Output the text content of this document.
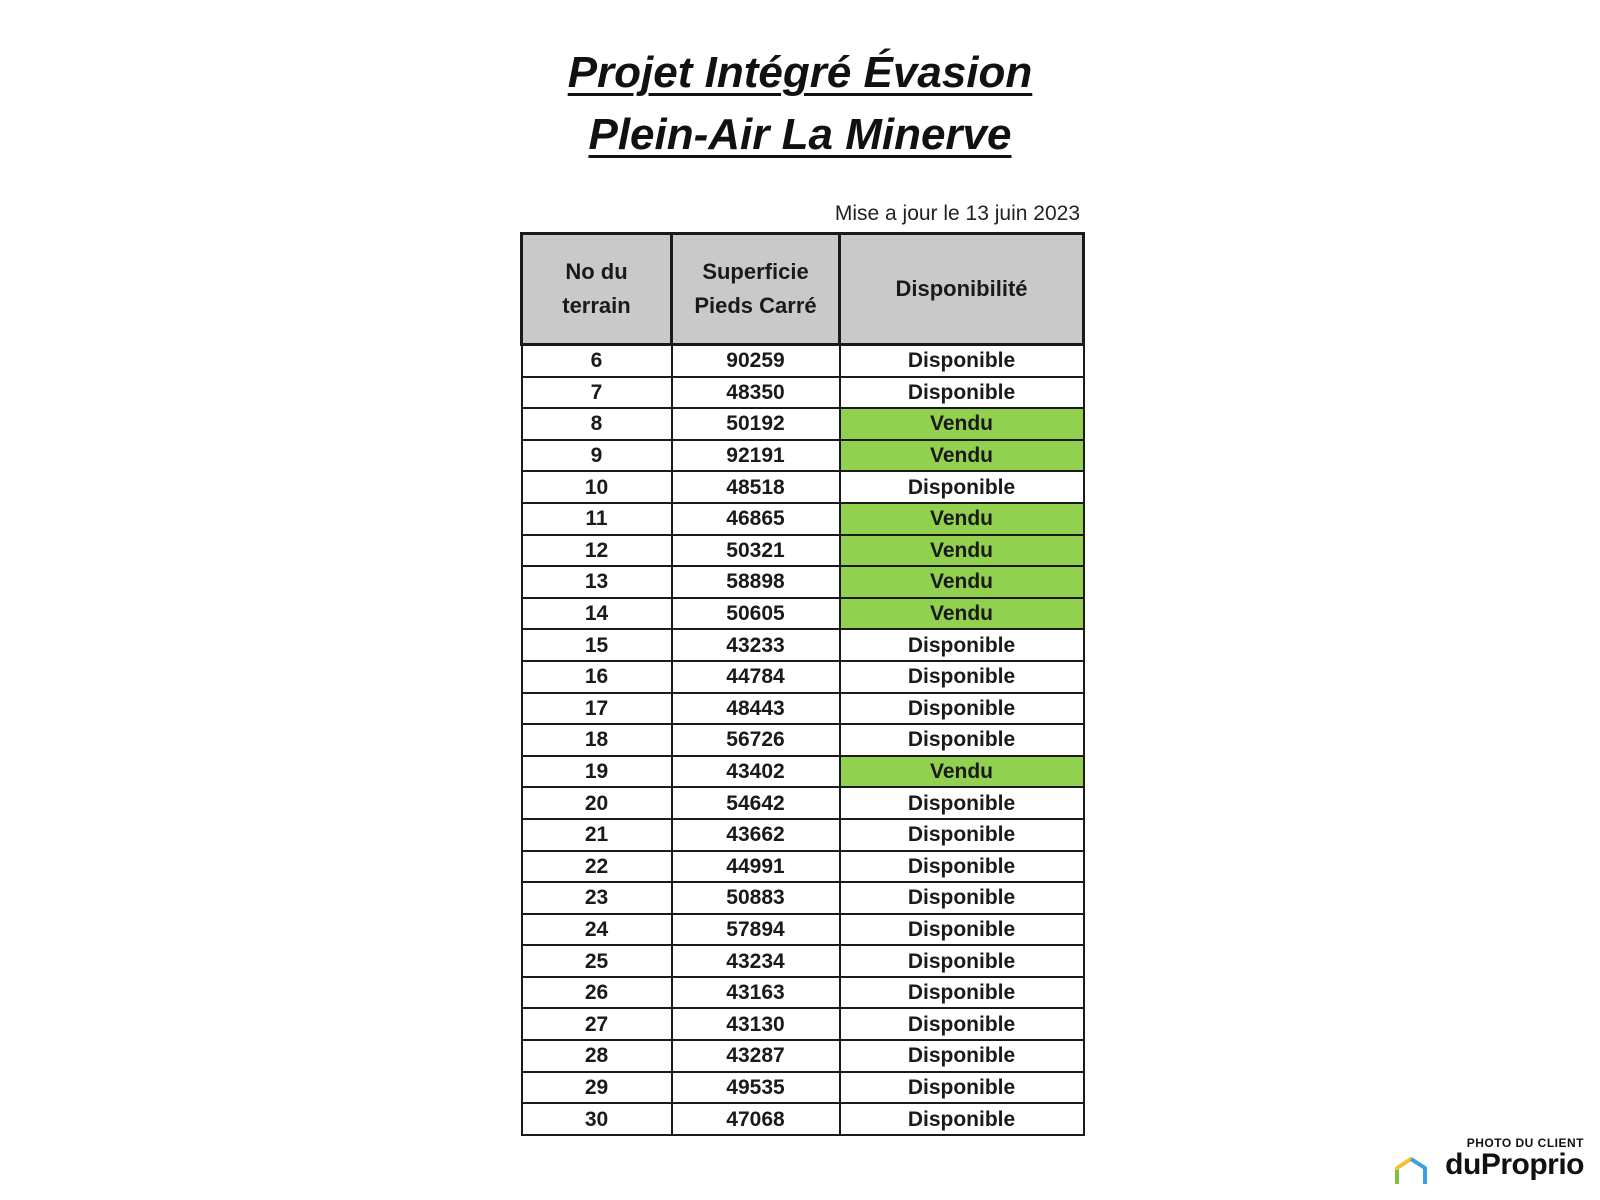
Projet Intégré Évasion
Plein-Air La Minerve
Mise a jour le 13 juin 2023
No du terrain	Superficie Pieds Carré	Disponibilité
6	90259	Disponible
7	48350	Disponible
8	50192	Vendu
9	92191	Vendu
10	48518	Disponible
11	46865	Vendu
12	50321	Vendu
13	58898	Vendu
14	50605	Vendu
15	43233	Disponible
16	44784	Disponible
17	48443	Disponible
18	56726	Disponible
19	43402	Vendu
20	54642	Disponible
21	43662	Disponible
22	44991	Disponible
23	50883	Disponible
24	57894	Disponible
25	43234	Disponible
26	43163	Disponible
27	43130	Disponible
28	43287	Disponible
29	49535	Disponible
30	47068	Disponible
PHOTO DU CLIENT
duProprio
